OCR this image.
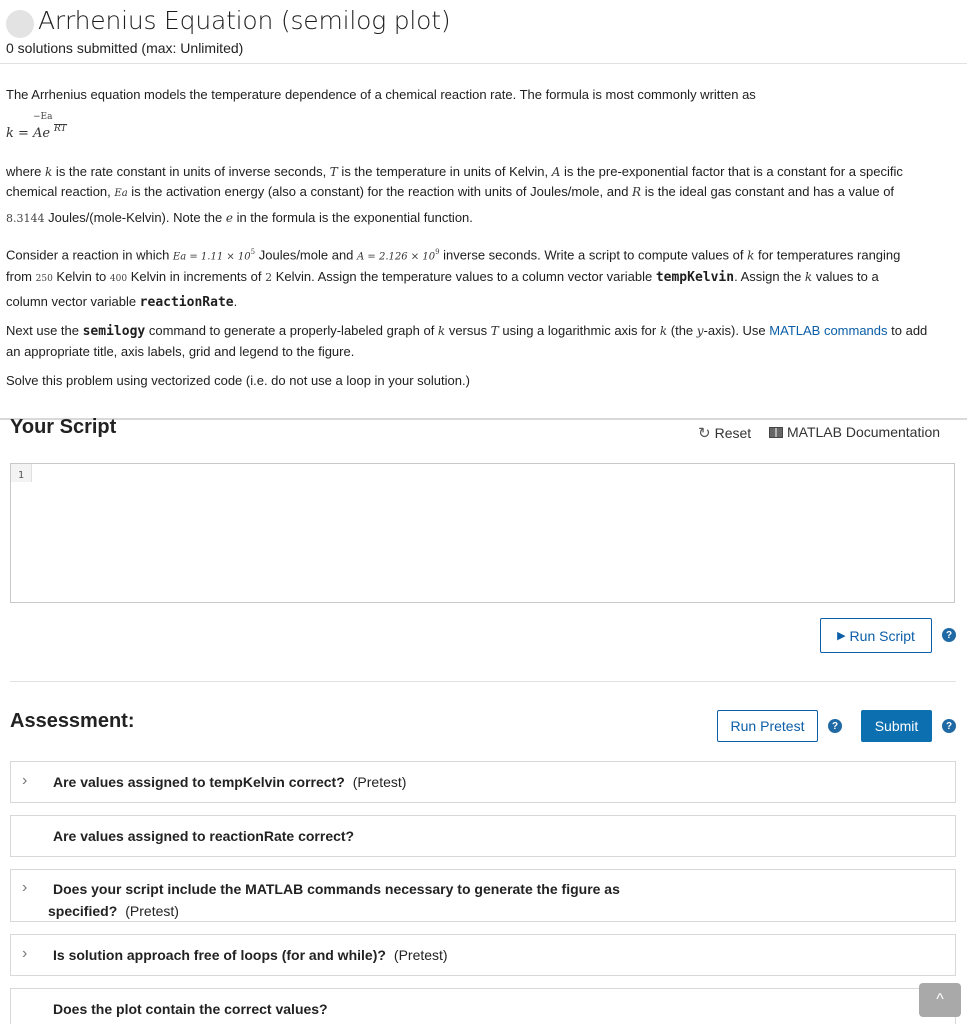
Arrhenius Equation (semilog plot)
0 solutions submitted (max: Unlimited)
The Arrhenius equation models the temperature dependence of a chemical reaction rate. The formula is most commonly written as
−Ea
k = Ae RT
where k is the rate constant in units of inverse seconds, T is the temperature in units of Kelvin, A is the pre-exponential factor that is a constant for a specific
chemical reaction, Ea is the activation energy (also a constant) for the reaction with units of Joules/mole, and R is the ideal gas constant and has a value of
8.3144 Joules/(mole-Kelvin). Note the e in the formula is the exponential function.
Consider a reaction in which $Ea = 1.11 \times 10^5$ Joules/mole and $A = 2.126 \times 10^9$ inverse seconds. Write a script to compute values of k for temperatures ranging
from 250 Kelvin to 400 Kelvin in increments of 2 Kelvin. Assign the temperature values to a column vector variable tempKelvin. Assign the k values to a
column vector variable reactionRate.
Next use the semilogy command to generate a properly-labeled graph of k versus T using a logarithmic axis for k (the y-axis). Use MATLAB commands to add
an appropriate title, axis labels, grid and legend to the figure.
Solve this problem using vectorized code (i.e. do not use a loop in your solution.)
Your Script	↻ Reset	MATLAB Documentation
1
▶ Run Script	?
Assessment:	Run Pretest	?	Submit	?
› Are values assigned to tempKelvin correct? (Pretest)
Are values assigned to reactionRate correct?
› Does your script include the MATLAB commands necessary to generate the figure as
specified? (Pretest)
› Is solution approach free of loops (for and while)? (Pretest)
Does the plot contain the correct values?
^
